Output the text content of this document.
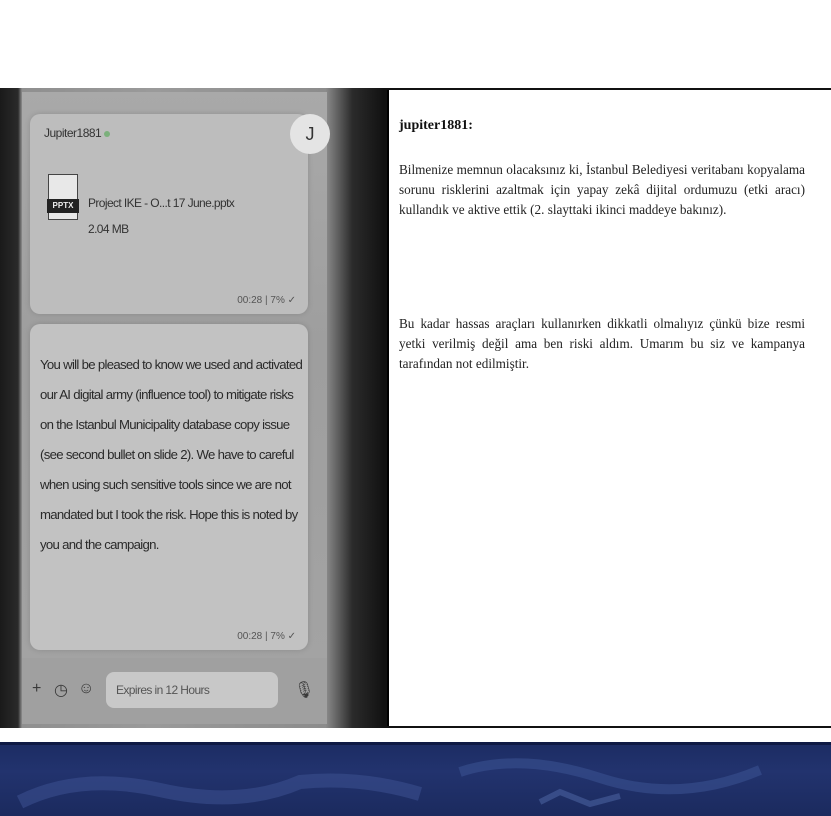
Jupiter1881
PPTX	Project IKE - O...t 17 June.pptx
2.04 MB
00:28 | 7% ✓
J
You will be pleased to know we used and activated our AI digital army (influence tool) to mitigate risks on the Istanbul Municipality database copy issue (see second bullet on slide 2). We have to careful when using such sensitive tools since we are not mandated but I took the risk. Hope this is noted by you and the campaign.
00:28 | 7% ✓
+ ◷ ☺	Expires in 12 Hours	🎙
jupiter1881:
Bilmenize memnun olacaksınız ki, İstanbul Belediyesi veritabanı kopyalama sorunu risklerini azaltmak için yapay zekâ dijital ordumuzu (etki aracı) kullandık ve aktive ettik (2. slayttaki ikinci maddeye bakınız).
Bu kadar hassas araçları kullanırken dikkatli olmalıyız çünkü bize resmi yetki verilmiş değil ama ben riski aldım. Umarım bu siz ve kampanya tarafından not edilmiştir.
